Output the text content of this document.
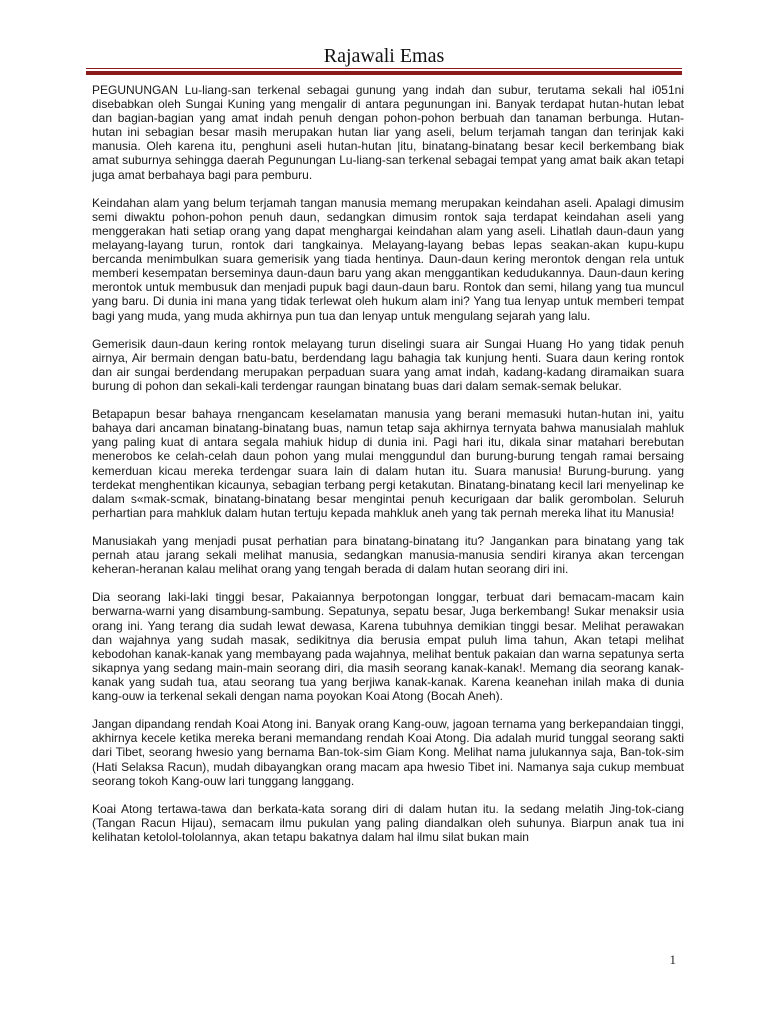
Rajawali Emas

PEGUNUNGAN Lu-liang-san terkenal sebagai gunung yang indah dan subur, terutama sekali hal i051ni disebabkan oleh Sungai Kuning yang mengalir di antara pegunungan ini. Banyak terdapat hutan-hutan lebat dan bagian-bagian yang amat indah penuh dengan pohon-pohon berbuah dan tanaman berbunga. Hutan-hutan ini sebagian besar masih merupakan hutan liar yang aseli, belum terjamah tangan dan terinjak kaki manusia. Oleh karena itu, penghuni aseli hutan-hutan |itu, binatang-binatang besar kecil berkembang biak amat suburnya sehingga daerah Pegunungan Lu-liang-san terkenal sebagai tempat yang amat baik akan tetapi juga amat berbahaya bagi para pemburu.

Keindahan alam yang belum terjamah tangan manusia memang merupakan keindahan aseli. Apalagi dimusim semi diwaktu pohon-pohon penuh daun, sedangkan dimusim rontok saja terdapat keindahan aseli yang menggerakan hati setiap orang yang dapat menghargai keindahan alam yang aseli. Lihatlah daun-daun yang melayang-layang turun, rontok dari tangkainya. Melayang-layang bebas lepas seakan-akan kupu-kupu bercanda menimbulkan suara gemerisik yang tiada hentinya. Daun-daun kering merontok dengan rela untuk memberi kesempatan berseminya daun-daun baru yang akan menggantikan kedudukannya. Daun-daun kering merontok untuk membusuk dan menjadi pupuk bagi daun-daun baru. Rontok dan semi, hilang yang tua muncul yang baru. Di dunia ini mana yang tidak terlewat oleh hukum alam ini? Yang tua lenyap untuk memberi tempat bagi yang muda, yang muda akhirnya pun tua dan lenyap untuk mengulang sejarah yang lalu.

Gemerisik daun-daun kering rontok melayang turun diselingi suara air Sungai Huang Ho yang tidak penuh airnya, Air bermain dengan batu-batu, berdendang lagu bahagia tak kunjung henti. Suara daun kering rontok dan air sungai berdendang merupakan perpaduan suara yang amat indah, kadang-kadang diramaikan suara burung di pohon dan sekali-kali terdengar raungan binatang buas dari dalam semak-semak belukar.

Betapapun besar bahaya rnengancam keselamatan manusia yang berani memasuki hutan-hutan ini, yaitu bahaya dari ancaman binatang-binatang buas, namun tetap saja akhirnya ternyata bahwa manusialah mahluk yang paling kuat di antara segala mahiuk hidup di dunia ini. Pagi hari itu, dikala sinar matahari berebutan menerobos ke celah-celah daun pohon yang mulai menggundul dan burung-burung tengah ramai bersaing kemerduan kicau mereka terdengar suara lain di dalam hutan itu. Suara manusia! Burung-burung. yang terdekat menghentikan kicaunya, sebagian terbang pergi ketakutan. Binatang-binatang kecil lari menyelinap ke dalam s«mak-scmak, binatang-binatang besar mengintai penuh kecurigaan dar balik gerombolan. Seluruh perhartian para mahkluk dalam hutan tertuju kepada mahkluk aneh yang tak pernah mereka lihat itu Manusia!

Manusiakah yang menjadi pusat perhatian para binatang-binatang itu? Jangankan para binatang yang tak pernah atau jarang sekali melihat manusia, sedangkan manusia-manusia sendiri kiranya akan tercengan keheran-heranan kalau melihat orang yang tengah berada di dalam hutan seorang diri ini.

Dia seorang laki-laki tinggi besar, Pakaiannya berpotongan longgar, terbuat dari bemacam-macam kain berwarna-warni yang disambung-sambung. Sepatunya, sepatu besar, Juga berkembang! Sukar menaksir usia orang ini. Yang terang dia sudah lewat dewasa, Karena tubuhnya demikian tinggi besar. Melihat perawakan dan wajahnya yang sudah masak, sedikitnya dia berusia empat puluh lima tahun, Akan tetapi melihat kebodohan kanak-kanak yang membayang pada wajahnya, melihat bentuk pakaian dan warna sepatunya serta sikapnya yang sedang main-main seorang diri, dia masih seorang kanak-kanak!. Memang dia seorang kanak-kanak yang sudah tua, atau seorang tua yang berjiwa kanak-kanak. Karena keanehan inilah maka di dunia kang-ouw ia terkenal sekali dengan nama poyokan Koai Atong (Bocah Aneh).

Jangan dipandang rendah Koai Atong ini. Banyak orang Kang-ouw, jagoan ternama yang berkepandaian tinggi, akhirnya kecele ketika mereka berani memandang rendah Koai Atong. Dia adalah murid tunggal seorang sakti dari Tibet, seorang hwesio yang bernama Ban-tok-sim Giam Kong. Melihat nama julukannya saja, Ban-tok-sim (Hati Selaksa Racun), mudah dibayangkan orang macam apa hwesio Tibet ini. Namanya saja cukup membuat seorang tokoh Kang-ouw lari tunggang langgang.

Koai Atong tertawa-tawa dan berkata-kata sorang diri di dalam hutan itu. Ia sedang melatih Jing-tok-ciang (Tangan Racun Hijau), semacam ilmu pukulan yang paling diandalkan oleh suhunya. Biarpun anak tua ini kelihatan ketolol-tololannya, akan tetapu bakatnya dalam hal ilmu silat bukan main

1
